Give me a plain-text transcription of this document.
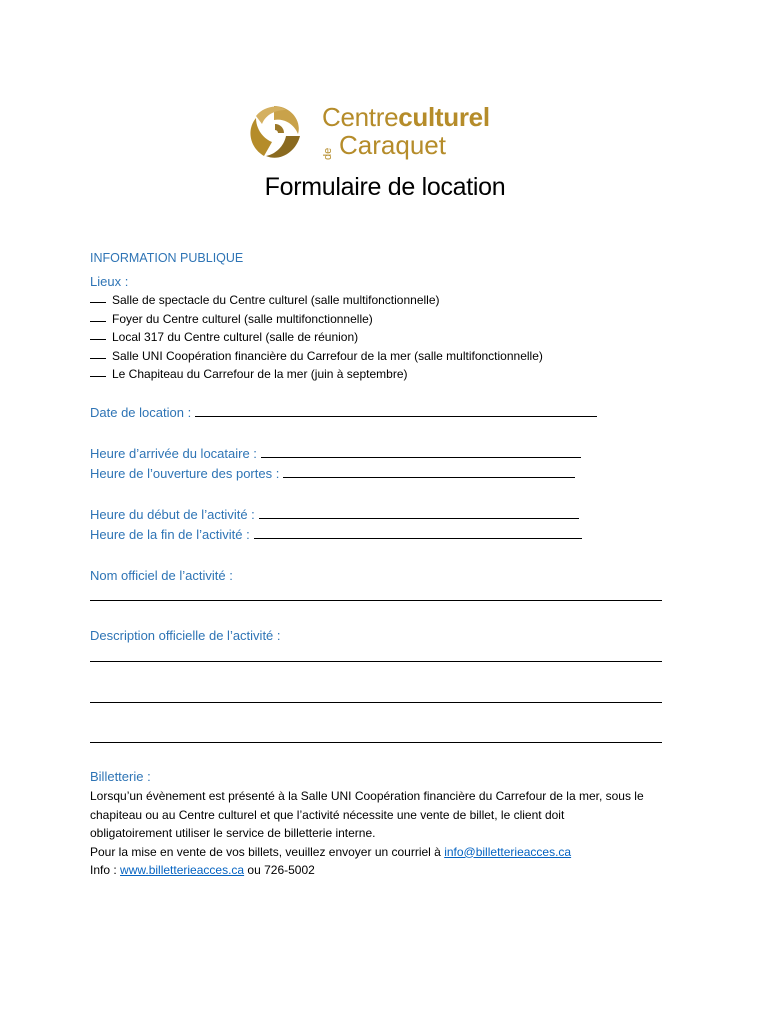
Centreculturel
de Caraquet
Formulaire de location
INFORMATION PUBLIQUE
Lieux :
Salle de spectacle du Centre culturel (salle multifonctionnelle)
Foyer du Centre culturel (salle multifonctionnelle)
Local 317 du Centre culturel (salle de réunion)
Salle UNI Coopération financière du Carrefour de la mer (salle multifonctionnelle)
Le Chapiteau du Carrefour de la mer (juin à septembre)
Date de location :
Heure d’arrivée du locataire :
Heure de l’ouverture des portes :
Heure du début de l’activité :
Heure de la fin de l’activité :
Nom officiel de l’activité :
Description officielle de l’activité :
Billetterie :
Lorsqu’un évènement est présenté à la Salle UNI Coopération financière du Carrefour de la mer, sous le
chapiteau ou au Centre culturel et que l’activité nécessite une vente de billet, le client doit
obligatoirement utiliser le service de billetterie interne.
Pour la mise en vente de vos billets, veuillez envoyer un courriel à info@billetterieacces.ca
Info : www.billetterieacces.ca ou 726-5002
